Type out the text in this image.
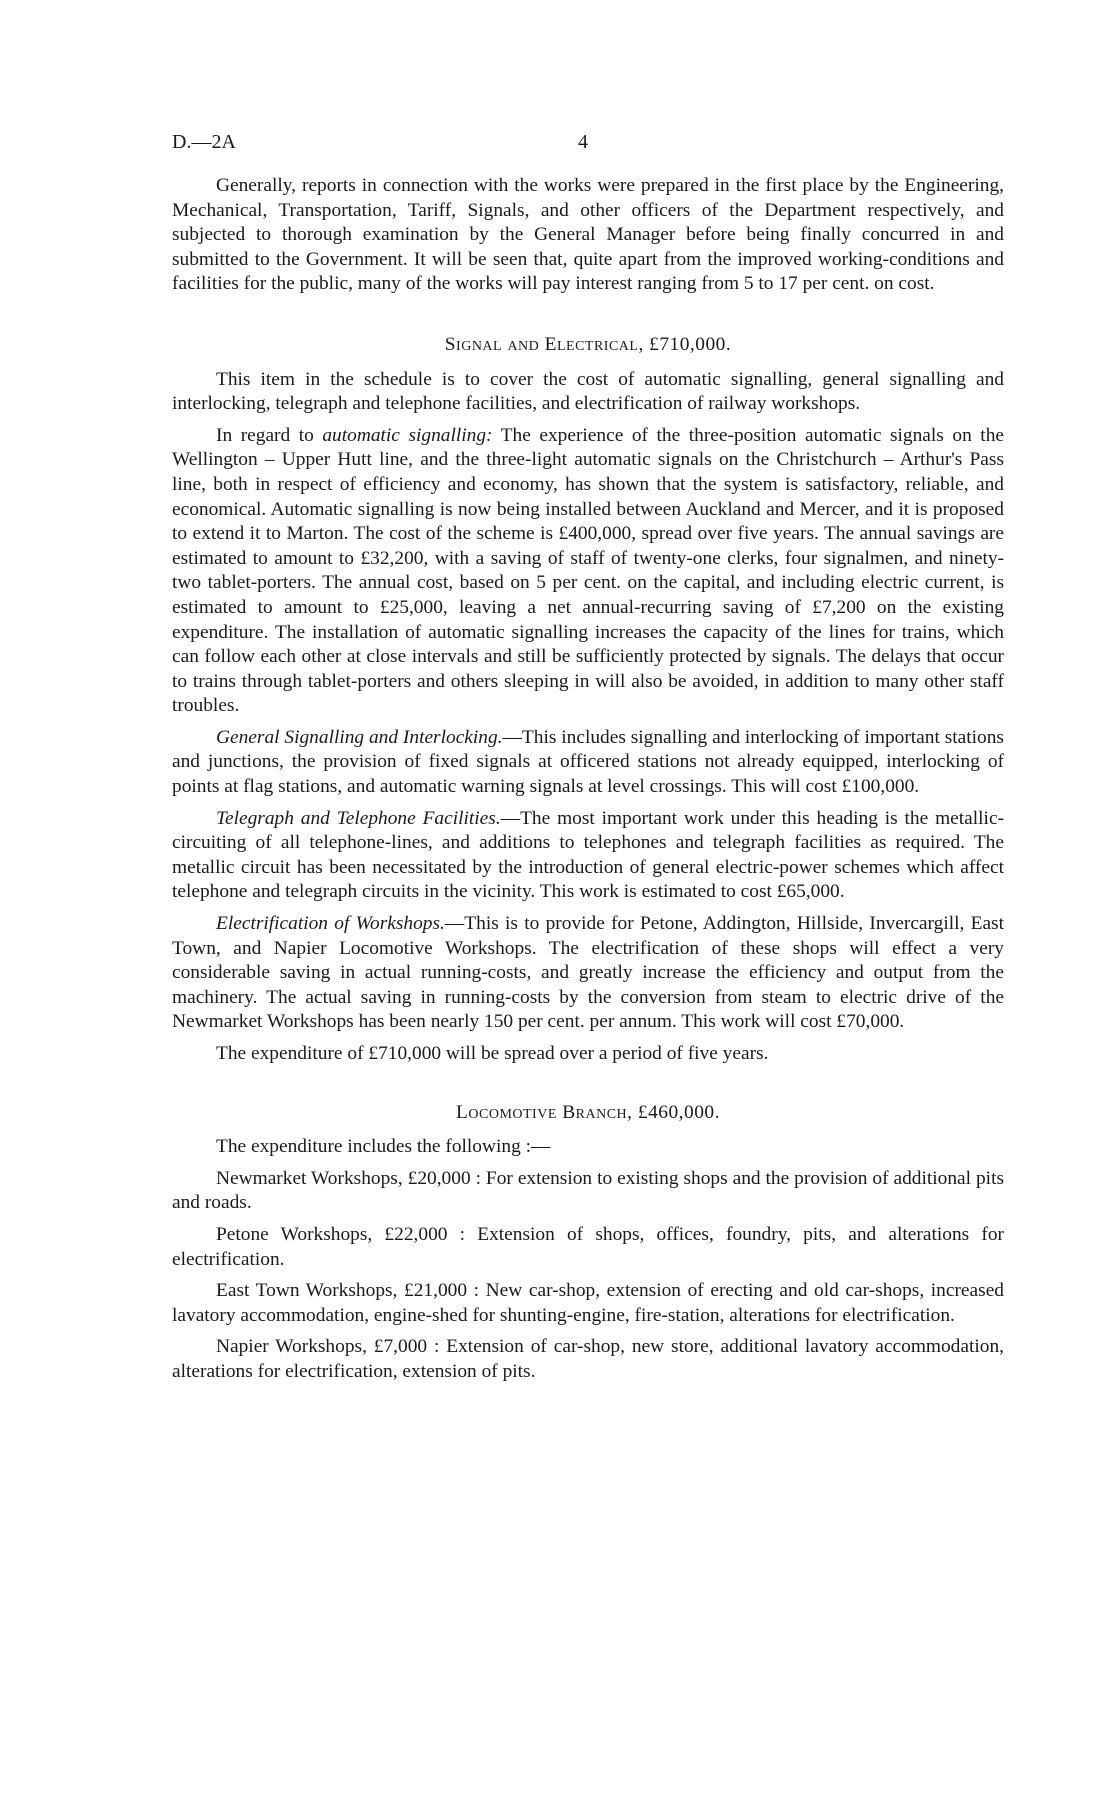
D.—2A	4

Generally, reports in connection with the works were prepared in the first place by the Engineering, Mechanical, Transportation, Tariff, Signals, and other officers of the Department respectively, and subjected to thorough examination by the General Manager before being finally concurred in and submitted to the Government. It will be seen that, quite apart from the improved working-conditions and facilities for the public, many of the works will pay interest ranging from 5 to 17 per cent. on cost.

Signal and Electrical, £710,000.

This item in the schedule is to cover the cost of automatic signalling, general signalling and interlocking, telegraph and telephone facilities, and electrification of railway workshops.

In regard to automatic signalling: The experience of the three-position automatic signals on the Wellington – Upper Hutt line, and the three-light automatic signals on the Christchurch – Arthur's Pass line, both in respect of efficiency and economy, has shown that the system is satisfactory, reliable, and economical. Automatic signalling is now being installed between Auckland and Mercer, and it is proposed to extend it to Marton. The cost of the scheme is £400,000, spread over five years. The annual savings are estimated to amount to £32,200, with a saving of staff of twenty-one clerks, four signalmen, and ninety-two tablet-porters. The annual cost, based on 5 per cent. on the capital, and including electric current, is estimated to amount to £25,000, leaving a net annual-recurring saving of £7,200 on the existing expenditure. The installation of automatic signalling increases the capacity of the lines for trains, which can follow each other at close intervals and still be sufficiently protected by signals. The delays that occur to trains through tablet-porters and others sleeping in will also be avoided, in addition to many other staff troubles.

General Signalling and Interlocking.—This includes signalling and interlocking of important stations and junctions, the provision of fixed signals at officered stations not already equipped, interlocking of points at flag stations, and automatic warning signals at level crossings. This will cost £100,000.

Telegraph and Telephone Facilities.—The most important work under this heading is the metallic-circuiting of all telephone-lines, and additions to telephones and telegraph facilities as required. The metallic circuit has been necessitated by the introduction of general electric-power schemes which affect telephone and telegraph circuits in the vicinity. This work is estimated to cost £65,000.

Electrification of Workshops.—This is to provide for Petone, Addington, Hillside, Invercargill, East Town, and Napier Locomotive Workshops. The electrification of these shops will effect a very considerable saving in actual running-costs, and greatly increase the efficiency and output from the machinery. The actual saving in running-costs by the conversion from steam to electric drive of the Newmarket Workshops has been nearly 150 per cent. per annum. This work will cost £70,000.

The expenditure of £710,000 will be spread over a period of five years.

Locomotive Branch, £460,000.

The expenditure includes the following :—

Newmarket Workshops, £20,000 : For extension to existing shops and the provision of additional pits and roads.

Petone Workshops, £22,000 : Extension of shops, offices, foundry, pits, and alterations for electrification.

East Town Workshops, £21,000 : New car-shop, extension of erecting and old car-shops, increased lavatory accommodation, engine-shed for shunting-engine, fire-station, alterations for electrification.

Napier Workshops, £7,000 : Extension of car-shop, new store, additional lavatory accommodation, alterations for electrification, extension of pits.
